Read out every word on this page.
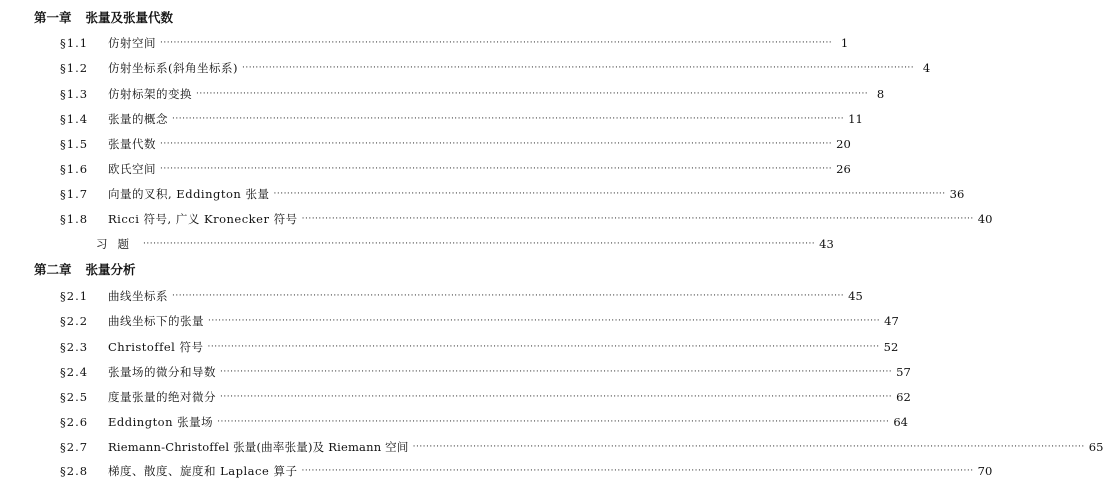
第一章 张量及张量代数
§1.1	仿射空间 ········································································································································································································ 1
§1.2	仿射坐标系(斜角坐标系) ········································································································································································································ 4
§1.3	仿射标架的变换 ········································································································································································································ 8
§1.4	张量的概念 ········································································································································································································ 11
§1.5	张量代数 ········································································································································································································ 20
§1.6	欧氏空间 ········································································································································································································ 26
§1.7	向量的叉积, Eddington 张量 ········································································································································································································ 36
§1.8	Ricci 符号, 广义 Kronecker 符号 ········································································································································································································ 40
习题 ········································································································································································································ 43
第二章 张量分析
§2.1	曲线坐标系 ········································································································································································································ 45
§2.2	曲线坐标下的张量 ········································································································································································································ 47
§2.3	Christoffel 符号 ········································································································································································································ 52
§2.4	张量场的微分和导数 ········································································································································································································ 57
§2.5	度量张量的绝对微分 ········································································································································································································ 62
§2.6	Eddington 张量场 ········································································································································································································ 64
§2.7	Riemann-Christoffel 张量(曲率张量)及 Riemann 空间 ········································································································································································································ 65
§2.8	梯度、散度、旋度和 Laplace 算子 ········································································································································································································ 70
